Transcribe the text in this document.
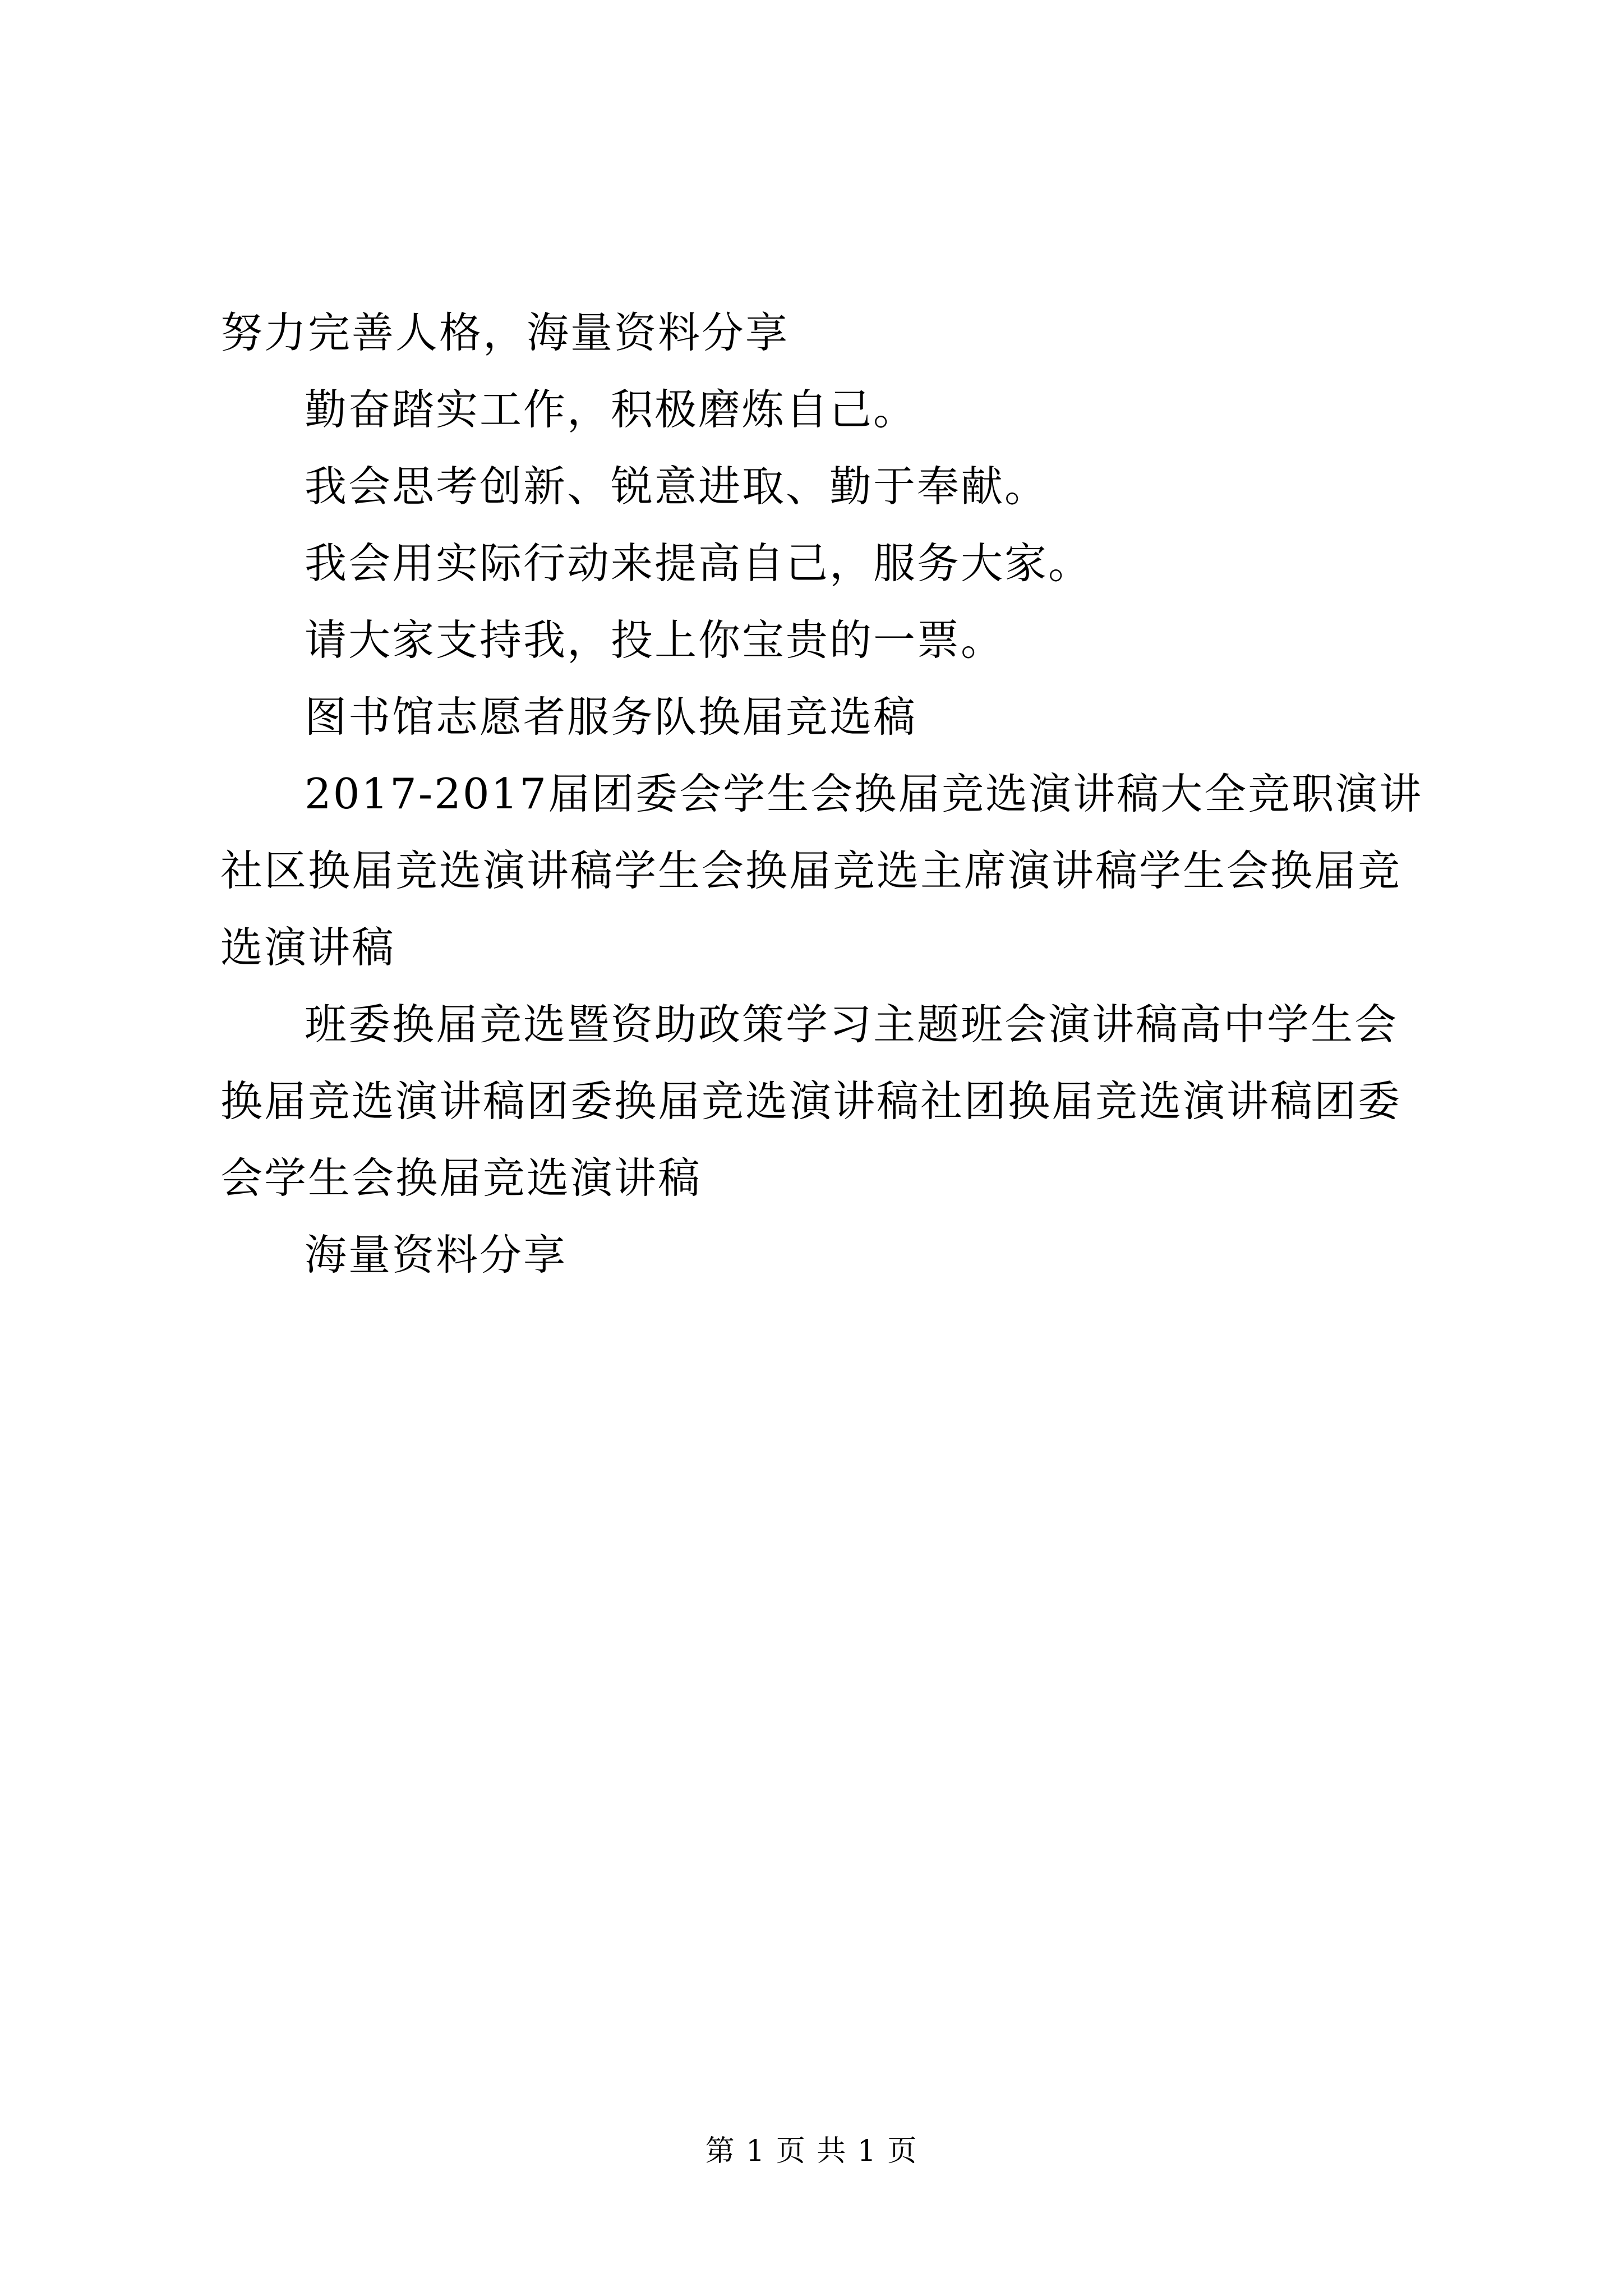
努力完善人格，海量资料分享

勤奋踏实工作，积极磨炼自己。

我会思考创新、锐意进取、勤于奉献。

我会用实际行动来提高自己，服务大家。

请大家支持我，投上你宝贵的一票。

图书馆志愿者服务队换届竞选稿

2017-2017届团委会学生会换届竞选演讲稿大全竞职演讲社区换届竞选演讲稿学生会换届竞选主席演讲稿学生会换届竞选演讲稿

班委换届竞选暨资助政策学习主题班会演讲稿高中学生会换届竞选演讲稿团委换届竞选演讲稿社团换届竞选演讲稿团委会学生会换届竞选演讲稿

海量资料分享

第 1 页 共 1 页
